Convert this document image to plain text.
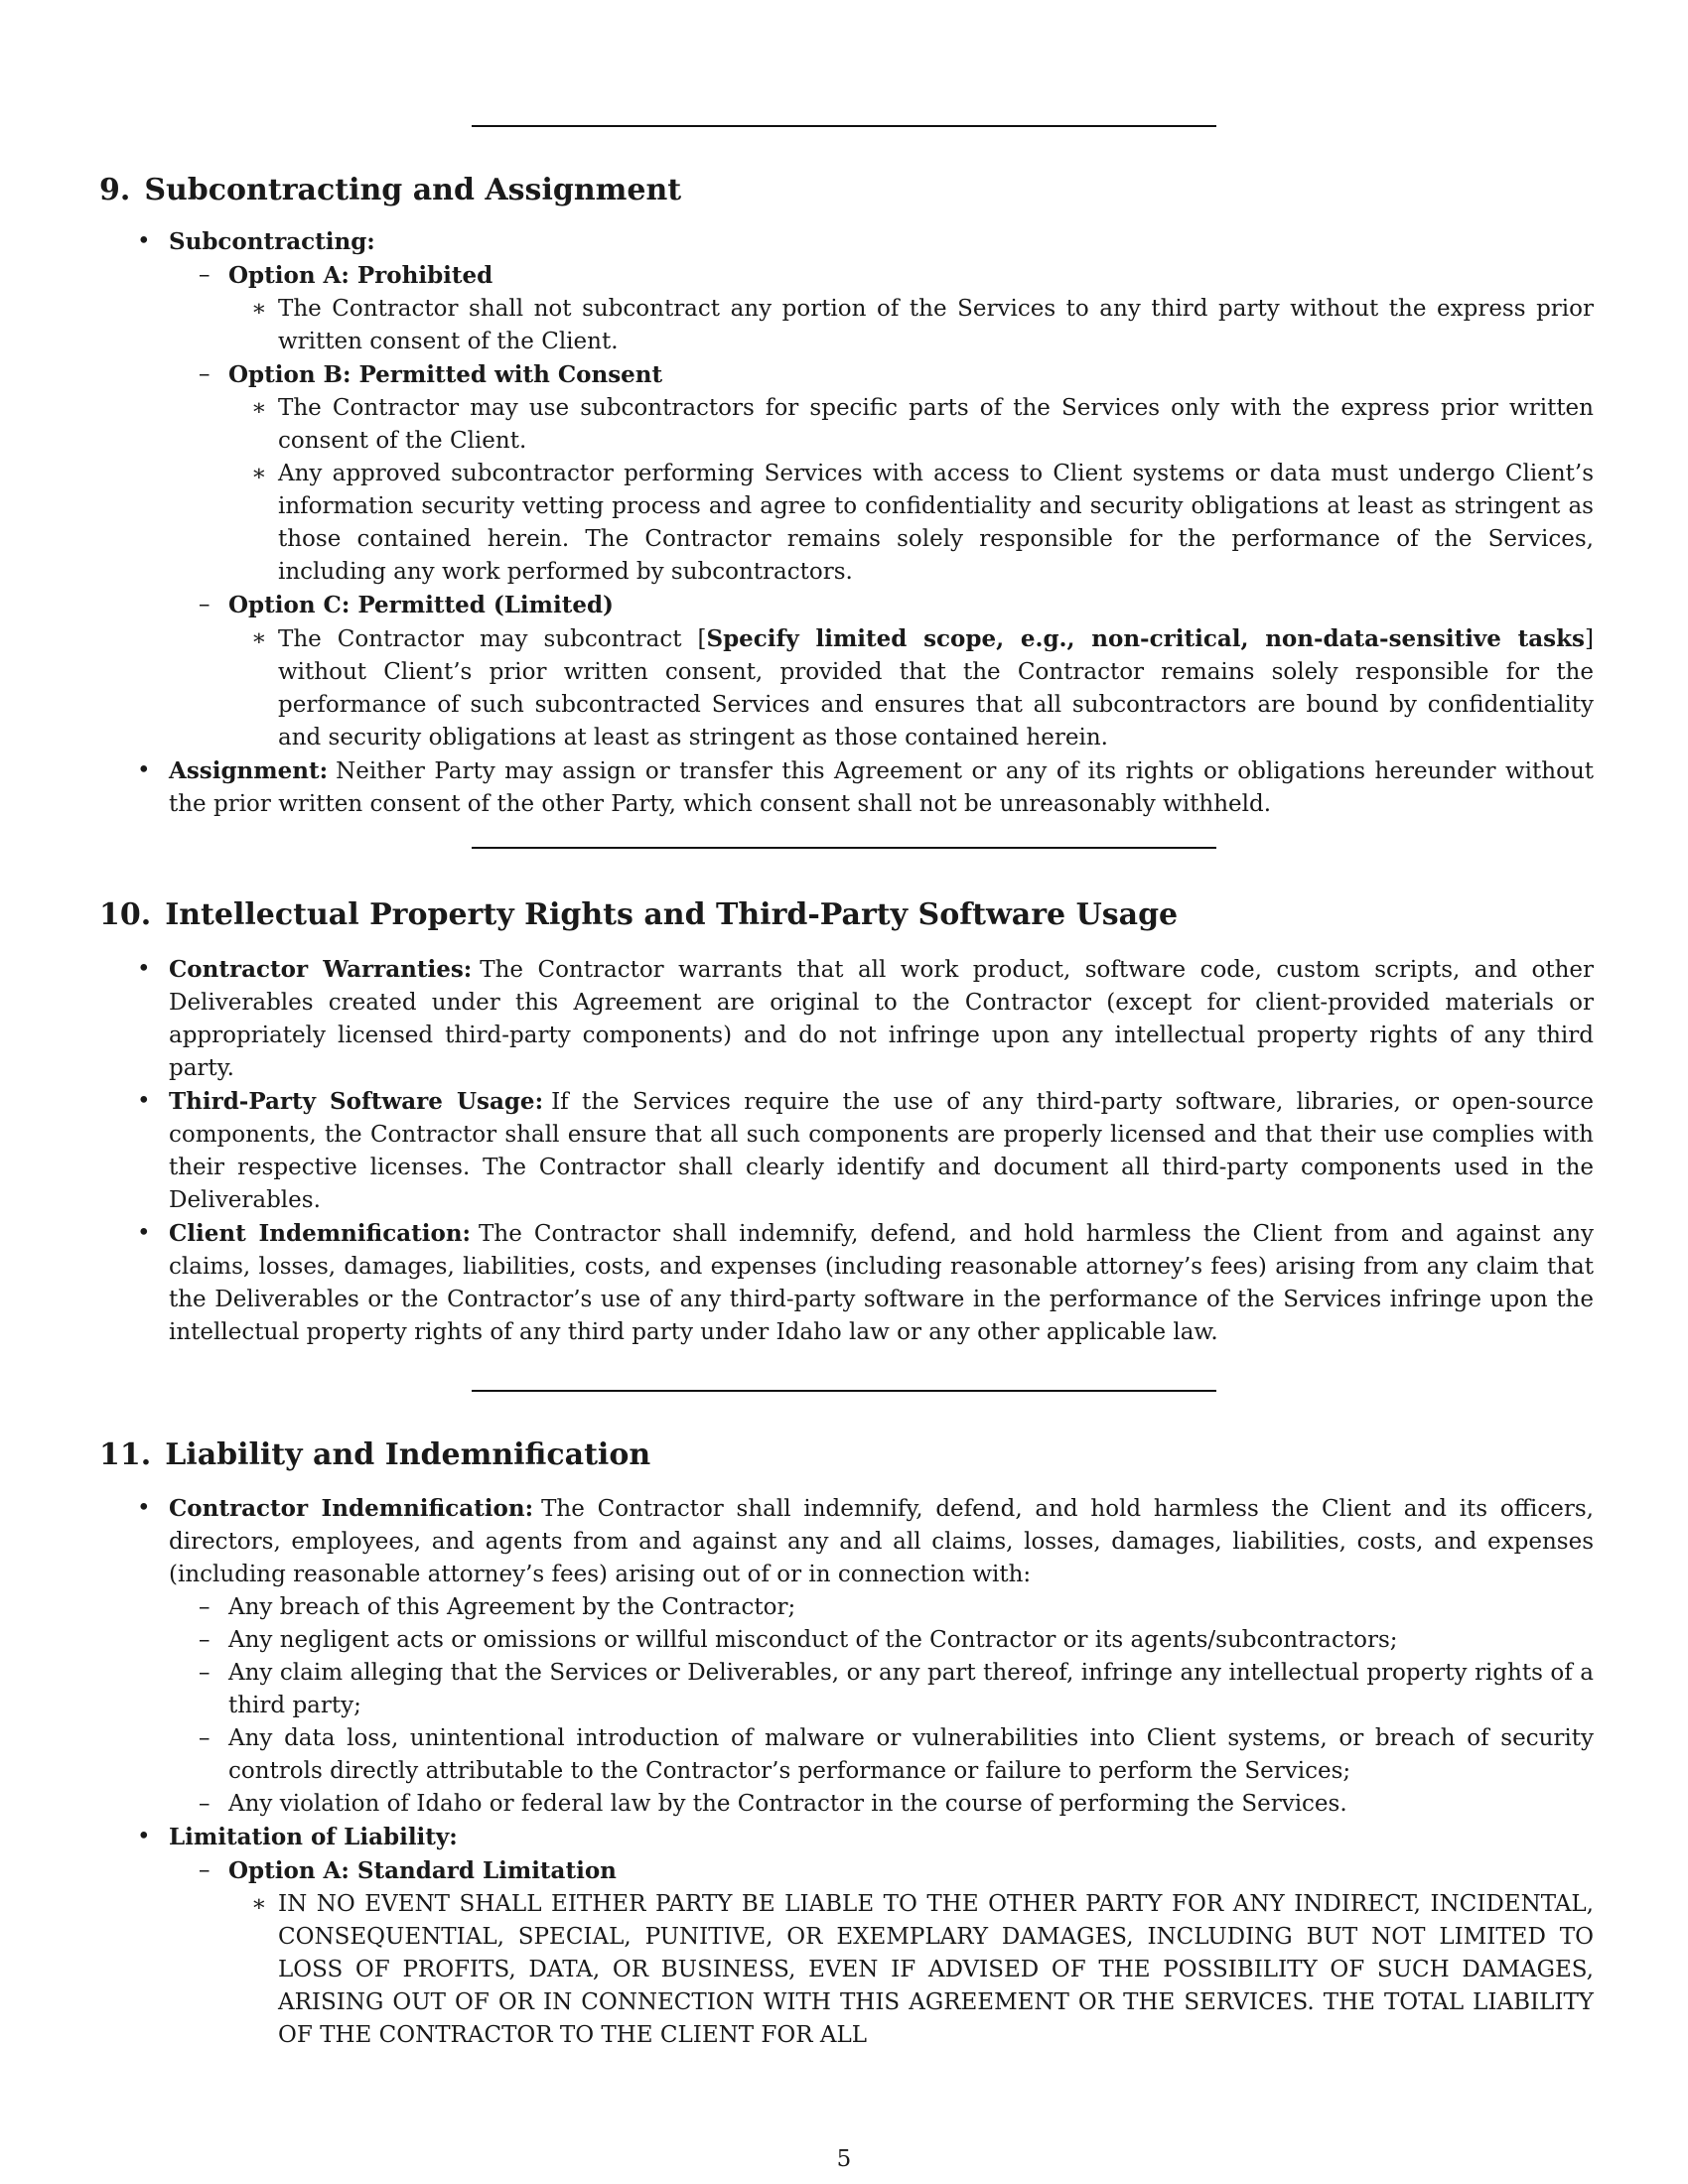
9. Subcontracting and Assignment
• Subcontracting:
– Option A: Prohibited
∗ The Contractor shall not subcontract any portion of the Services to any third party without the express prior written consent of the Client.
– Option B: Permitted with Consent
∗ The Contractor may use subcontractors for specific parts of the Services only with the express prior written consent of the Client.
∗ Any approved subcontractor performing Services with access to Client systems or data must undergo Client’s information security vetting process and agree to confidentiality and security obligations at least as stringent as those contained herein. The Contractor remains solely responsible for the performance of the Services, including any work performed by subcontractors.
– Option C: Permitted (Limited)
∗ The Contractor may subcontract [Specify limited scope, e.g., non-critical, non-data-sensitive tasks] without Client’s prior written consent, provided that the Contractor remains solely responsible for the performance of such subcontracted Services and ensures that all subcontractors are bound by confidentiality and security obligations at least as stringent as those contained herein.
• Assignment: Neither Party may assign or transfer this Agreement or any of its rights or obligations hereunder without the prior written consent of the other Party, which consent shall not be unreasonably withheld.
10. Intellectual Property Rights and Third-Party Software Usage
• Contractor Warranties: The Contractor warrants that all work product, software code, custom scripts, and other Deliverables created under this Agreement are original to the Contractor (except for client-provided materials or appropriately licensed third-party components) and do not infringe upon any intellectual property rights of any third party.
• Third-Party Software Usage: If the Services require the use of any third-party software, libraries, or open-source components, the Contractor shall ensure that all such components are properly licensed and that their use complies with their respective licenses. The Contractor shall clearly identify and document all third-party components used in the Deliverables.
• Client Indemnification: The Contractor shall indemnify, defend, and hold harmless the Client from and against any claims, losses, damages, liabilities, costs, and expenses (including reasonable attorney’s fees) arising from any claim that the Deliverables or the Contractor’s use of any third-party software in the performance of the Services infringe upon the intellectual property rights of any third party under Idaho law or any other applicable law.
11. Liability and Indemnification
• Contractor Indemnification: The Contractor shall indemnify, defend, and hold harmless the Client and its officers, directors, employees, and agents from and against any and all claims, losses, damages, liabilities, costs, and expenses (including reasonable attorney’s fees) arising out of or in connection with:
– Any breach of this Agreement by the Contractor;
– Any negligent acts or omissions or willful misconduct of the Contractor or its agents/subcontractors;
– Any claim alleging that the Services or Deliverables, or any part thereof, infringe any intellectual property rights of a third party;
– Any data loss, unintentional introduction of malware or vulnerabilities into Client systems, or breach of security controls directly attributable to the Contractor’s performance or failure to perform the Services;
– Any violation of Idaho or federal law by the Contractor in the course of performing the Services.
• Limitation of Liability:
– Option A: Standard Limitation
∗ IN NO EVENT SHALL EITHER PARTY BE LIABLE TO THE OTHER PARTY FOR ANY INDIRECT, INCIDENTAL, CONSEQUENTIAL, SPECIAL, PUNITIVE, OR EXEMPLARY DAMAGES, INCLUDING BUT NOT LIMITED TO LOSS OF PROFITS, DATA, OR BUSINESS, EVEN IF ADVISED OF THE POSSIBILITY OF SUCH DAMAGES, ARISING OUT OF OR IN CONNECTION WITH THIS AGREEMENT OR THE SERVICES. THE TOTAL LIABILITY OF THE CONTRACTOR TO THE CLIENT FOR ALL
5
